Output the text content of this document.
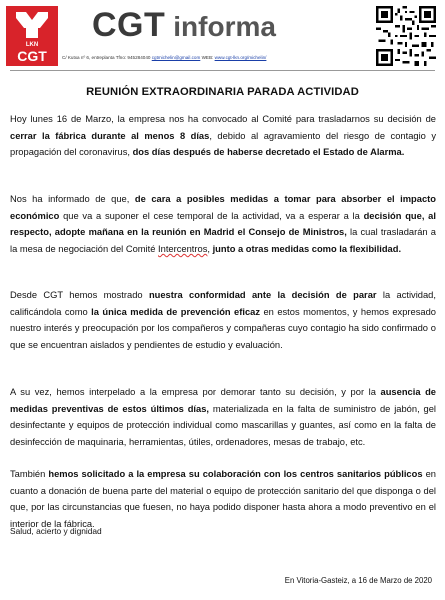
LKN
CGT
CGT informa
C/ Kutxa nº 6, entreplanta Tfno: 945284040 cgtmichelin@gmail.com WEB: www.cgt-lkn.org/michelin/
REUNIÓN EXTRAORDINARIA PARADA ACTIVIDAD
Hoy lunes 16 de Marzo, la empresa nos ha convocado al Comité para trasladarnos su decisión de cerrar la fábrica durante al menos 8 días, debido al agravamiento del riesgo de contagio y propagación del coronavirus, dos días después de haberse decretado el Estado de Alarma.
Nos ha informado de que, de cara a posibles medidas a tomar para absorber el impacto económico que va a suponer el cese temporal de la actividad, va a esperar a la decisión que, al respecto, adopte mañana en la reunión en Madrid el Consejo de Ministros, la cual trasladarán a la mesa de negociación del Comité Intercentros, junto a otras medidas como la flexibilidad.
Desde CGT hemos mostrado nuestra conformidad ante la decisión de parar la actividad, calificándola como la única medida de prevención eficaz en estos momentos, y hemos expresado nuestro interés y preocupación por los compañeros y compañeras cuyo contagio ha sido confirmado o que se encuentran aislados y pendientes de estudio y evaluación.
A su vez, hemos interpelado a la empresa por demorar tanto su decisión, y por la ausencia de medidas preventivas de estos últimos días, materializada en la falta de suministro de jabón, gel desinfectante y equipos de protección individual como mascarillas y guantes, así como en la falta de desinfección de maquinaria, herramientas, útiles, ordenadores, mesas de trabajo, etc.
También hemos solicitado a la empresa su colaboración con los centros sanitarios públicos en cuanto a donación de buena parte del material o equipo de protección sanitario del que disponga o del que, por las circunstancias que fuesen, no haya podido disponer hasta ahora a modo preventivo en el interior de la fábrica.
Salud, acierto y dignidad
En Vitoria-Gasteiz, a 16 de Marzo de 2020
